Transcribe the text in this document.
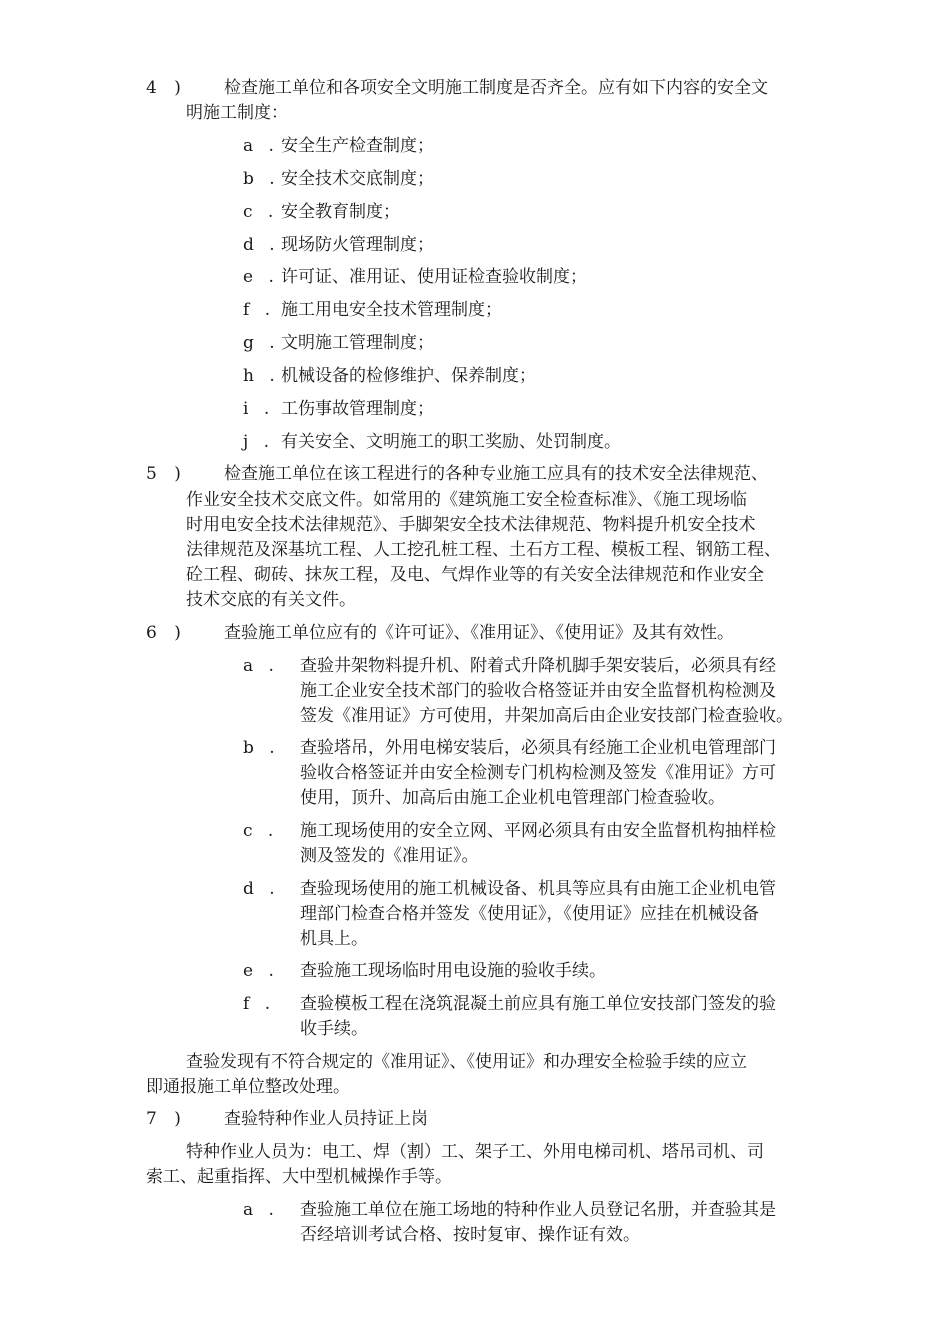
4 ) 检查施工单位和各项安全文明施工制度是否齐全。应有如下内容的安全文
明施工制度：
a . 安全生产检查制度；
b . 安全技术交底制度；
c . 安全教育制度；
d . 现场防火管理制度；
e . 许可证、准用证、使用证检查验收制度；
f . 施工用电安全技术管理制度；
g . 文明施工管理制度；
h . 机械设备的检修维护、保养制度；
i . 工伤事故管理制度；
j . 有关安全、文明施工的职工奖励、处罚制度。
5 ) 检查施工单位在该工程进行的各种专业施工应具有的技术安全法律规范、
作业安全技术交底文件。如常用的《建筑施工安全检查标准》、《施工现场临
时用电安全技术法律规范》、手脚架安全技术法律规范、物料提升机安全技术
法律规范及深基坑工程、人工挖孔桩工程、土石方工程、模板工程、钢筋工程、
砼工程、砌砖、抹灰工程，及电、气焊作业等的有关安全法律规范和作业安全
技术交底的有关文件。
6 ) 查验施工单位应有的《许可证》、《准用证》、《使用证》及其有效性。
a . 查验井架物料提升机、附着式升降机脚手架安装后，必须具有经
施工企业安全技术部门的验收合格签证并由安全监督机构检测及
签发《准用证》方可使用，井架加高后由企业安技部门检查验收。
b . 查验塔吊，外用电梯安装后，必须具有经施工企业机电管理部门
验收合格签证并由安全检测专门机构检测及签发《准用证》方可
使用，顶升、加高后由施工企业机电管理部门检查验收。
c . 施工现场使用的安全立网、平网必须具有由安全监督机构抽样检
测及签发的《准用证》。
d . 查验现场使用的施工机械设备、机具等应具有由施工企业机电管
理部门检查合格并签发《使用证》，《使用证》应挂在机械设备
机具上。
e . 查验施工现场临时用电设施的验收手续。
f . 查验模板工程在浇筑混凝土前应具有施工单位安技部门签发的验
收手续。
查验发现有不符合规定的《准用证》、《使用证》和办理安全检验手续的应立
即通报施工单位整改处理。
7 ) 查验特种作业人员持证上岗
特种作业人员为：电工、焊（割）工、架子工、外用电梯司机、塔吊司机、司
索工、起重指挥、大中型机械操作手等。
a . 查验施工单位在施工场地的特种作业人员登记名册，并查验其是
否经培训考试合格、按时复审、操作证有效。
